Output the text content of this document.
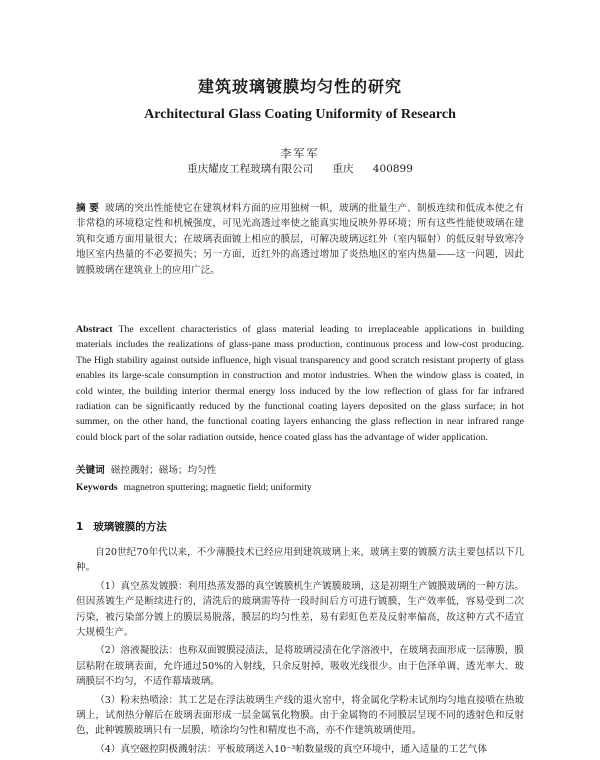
建筑玻璃镀膜均匀性的研究
Architectural Glass Coating Uniformity of Research
李军军
重庆耀皮工程玻璃有限公司 重庆 400899
摘 要 玻璃的突出性能使它在建筑材料方面的应用独树一帜，玻璃的批量生产、制板连续和低成本使之有非常稳的环境稳定性和机械强度，可见光高透过率使之能真实地反映外界环境；所有这些性能使玻璃在建筑和交通方面用量很大；在玻璃表面镀上相应的膜层，可解决玻璃远红外（室内辐射）的低反射导致寒冷地区室内热量的不必要损失；另一方面，近红外的高透过增加了炎热地区的室内热量——这一问题，因此镀膜玻璃在建筑业上的应用广泛。
Abstract The excellent characteristics of glass material leading to irreplaceable applications in building materials includes the realizations of glass-pane mass production, continuous process and low-cost producing. The High stability against outside influence, high visual transparency and good scratch resistant property of glass enables its large-scale consumption in construction and motor industries. When the window glass is coated, in cold winter, the building interior thermal energy loss induced by the low reflection of glass for far infrared radiation can be significantly reduced by the functional coating layers deposited on the glass surface; in hot summer, on the other hand, the functional coating layers enhancing the glass reflection in near infrared range could block part of the solar radiation outside, hence coated glass has the advantage of wider application.
关键词 磁控溅射；磁场；均匀性
Keywords magnetron sputtering; magnetic field; uniformity
1 玻璃镀膜的方法

自20世纪70年代以来，不少薄膜技术已经应用到建筑玻璃上来，玻璃主要的镀膜方法主要包括以下几种。

（1）真空蒸发镀膜：利用热蒸发器的真空镀膜机生产镀膜玻璃，这是初期生产镀膜玻璃的一种方法。但因蒸镀生产是断续进行的，清洗后的玻璃需等待一段时间后方可进行镀膜，生产效率低，容易受到二次污染，被污染部分镀上的膜层易脱落，膜层的均匀性差，易有彩虹色差及反射率偏高，故这种方式不适宜大规模生产。

（2）溶液凝胶法：也称双面镀膜浸渍法，是将玻璃浸渍在化学溶液中，在玻璃表面形成一层薄膜，膜层粘附在玻璃表面，允许通过50%的入射线，只余反射掉，吸收光线很少。由于色泽单调、透光率大、玻璃膜层不均匀，不适作幕墙玻璃。

（3）粉末热喷涂：其工艺是在浮法玻璃生产线的退火窑中，将金属化学粉末试剂均匀地直接喷在热玻璃上，试剂热分解后在玻璃表面形成一层金属氧化物膜。由于金属物的不同膜层呈现不同的透射色和反射色，此种镀膜玻璃只有一层膜，喷涂均匀性和精度也不高，亦不作建筑玻璃使用。

（4）真空磁控阴极溅射法：平板玻璃送入10⁻³帕数量级的真空环境中，通入适量的工艺气体
